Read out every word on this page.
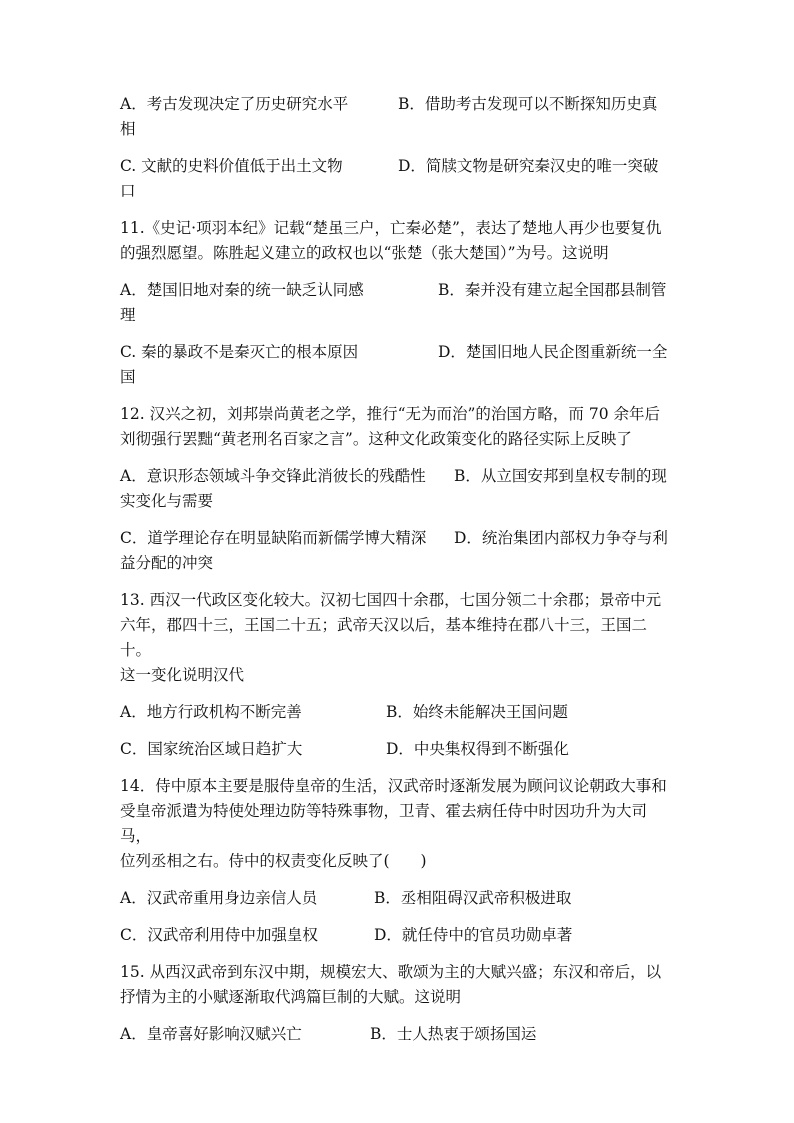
A．考古发现决定了历史研究水平	B．借助考古发现可以不断探知历史真
相
C. 文献的史料价值低于出土文物	D．简牍文物是研究秦汉史的唯一突破
口
11.《史记·项羽本纪》记载“楚虽三户，亡秦必楚”，表达了楚地人再少也要复仇
的强烈愿望。陈胜起义建立的政权也以“张楚（张大楚国）”为号。这说明
A．楚国旧地对秦的统一缺乏认同感	B．秦并没有建立起全国郡县制管
理
C. 秦的暴政不是秦灭亡的根本原因	D．楚国旧地人民企图重新统一全
国
12. 汉兴之初，刘邦崇尚黄老之学，推行“无为而治”的治国方略，而 70 余年后
刘彻强行罢黜“黄老刑名百家之言”。这种文化政策变化的路径实际上反映了
A．意识形态领域斗争交锋此消彼长的残酷性 B．从立国安邦到皇权专制的现
实变化与需要
C．道学理论存在明显缺陷而新儒学博大精深 D．统治集团内部权力争夺与利
益分配的冲突
13. 西汉一代政区变化较大。汉初七国四十余郡，七国分领二十余郡；景帝中元
六年，郡四十三，王国二十五；武帝天汉以后，基本维持在郡八十三，王国二十。
这一变化说明汉代
A．地方行政机构不断完善	B．始终未能解决王国问题
C．国家统治区域日趋扩大	D．中央集权得到不断强化
14．侍中原本主要是服侍皇帝的生活，汉武帝时逐渐发展为顾问议论朝政大事和
受皇帝派遣为特使处理边防等特殊事物，卫青、霍去病任侍中时因功升为大司马，
位列丞相之右。侍中的权责变化反映了(　　)
A．汉武帝重用身边亲信人员	B．丞相阻碍汉武帝积极进取
C．汉武帝利用侍中加强皇权	D．就任侍中的官员功勋卓著
15. 从西汉武帝到东汉中期，规模宏大、歌颂为主的大赋兴盛；东汉和帝后，以
抒情为主的小赋逐渐取代鸿篇巨制的大赋。这说明
A．皇帝喜好影响汉赋兴亡	B．士人热衷于颂扬国运
